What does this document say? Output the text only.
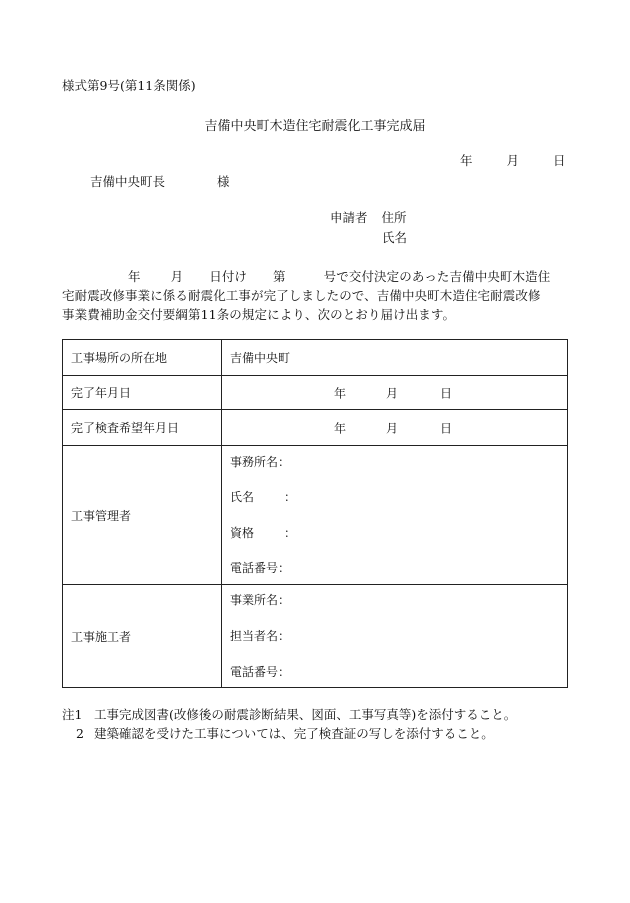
様式第9号(第11条関係)
吉備中央町木造住宅耐震化工事完成届
年	月	日
吉備中央町長	様
申請者 住所
氏名
年 月 日付け 第	号で交付決定のあった吉備中央町木造住
宅耐震改修事業に係る耐震化工事が完了しましたので、吉備中央町木造住宅耐震改修
事業費補助金交付要綱第11条の規定により、次のとおり届け出ます。
工事場所の所在地	吉備中央町
完了年月日	年 月 日

完了検査希望年月日	年 月 日

工事管理者	事務所名：
氏名 ：
資格 ：
電話番号：

工事施工者	事業所名：
担当者名：
電話番号：
注1 工事完成図書(改修後の耐震診断結果、図面、工事写真等)を添付すること。
2 建築確認を受けた工事については、完了検査証の写しを添付すること。
